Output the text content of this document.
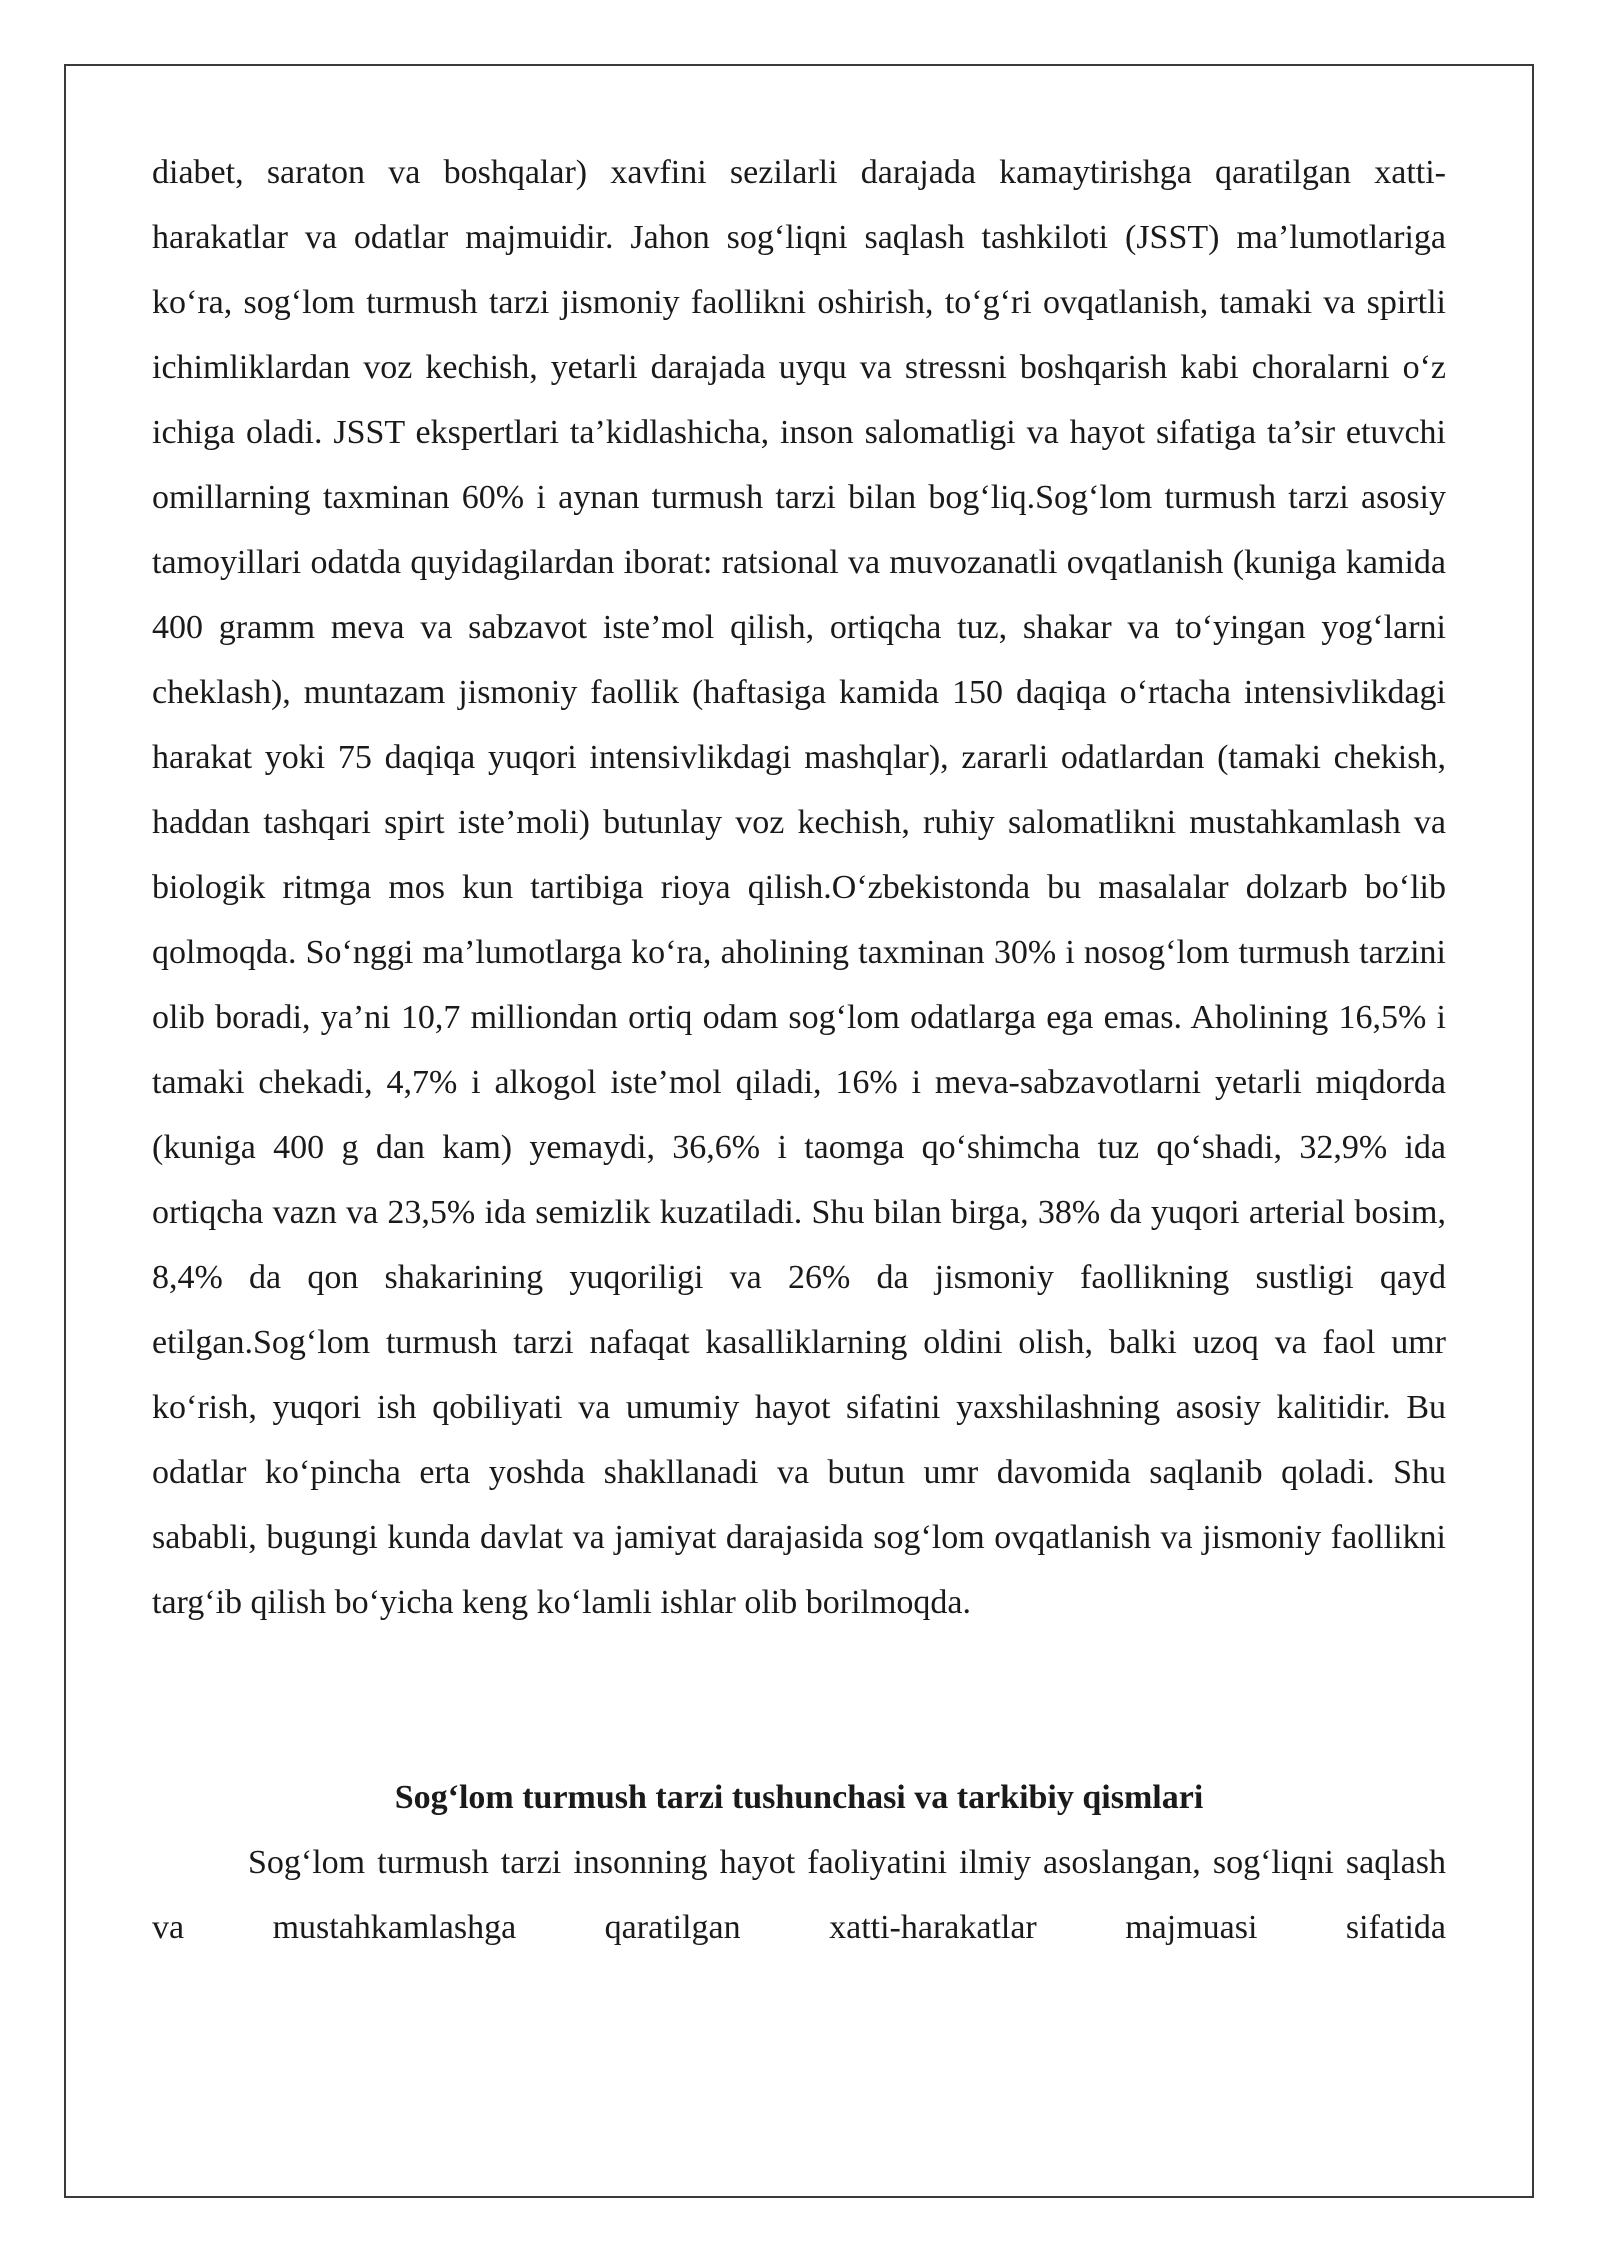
diabet, saraton va boshqalar) xavfini sezilarli darajada kamaytirishga qaratilgan xatti-harakatlar va odatlar majmuidir. Jahon sog‘liqni saqlash tashkiloti (JSST) ma’lumotlariga ko‘ra, sog‘lom turmush tarzi jismoniy faollikni oshirish, to‘g‘ri ovqatlanish, tamaki va spirtli ichimliklardan voz kechish, yetarli darajada uyqu va stressni boshqarish kabi choralarni o‘z ichiga oladi. JSST ekspertlari ta’kidlashicha, inson salomatligi va hayot sifatiga ta’sir etuvchi omillarning taxminan 60% i aynan turmush tarzi bilan bog‘liq.Sog‘lom turmush tarzi asosiy tamoyillari odatda quyidagilardan iborat: ratsional va muvozanatli ovqatlanish (kuniga kamida 400 gramm meva va sabzavot iste’mol qilish, ortiqcha tuz, shakar va to‘yingan yog‘larni cheklash), muntazam jismoniy faollik (haftasiga kamida 150 daqiqa o‘rtacha intensivlikdagi harakat yoki 75 daqiqa yuqori intensivlikdagi mashqlar), zararli odatlardan (tamaki chekish, haddan tashqari spirt iste’moli) butunlay voz kechish, ruhiy salomatlikni mustahkamlash va biologik ritmga mos kun tartibiga rioya qilish.O‘zbekistonda bu masalalar dolzarb bo‘lib qolmoqda. So‘nggi ma’lumotlarga ko‘ra, aholining taxminan 30% i nosog‘lom turmush tarzini olib boradi, ya’ni 10,7 milliondan ortiq odam sog‘lom odatlarga ega emas. Aholining 16,5% i tamaki chekadi, 4,7% i alkogol iste’mol qiladi, 16% i meva-sabzavotlarni yetarli miqdorda (kuniga 400 g dan kam) yemaydi, 36,6% i taomga qo‘shimcha tuz qo‘shadi, 32,9% ida ortiqcha vazn va 23,5% ida semizlik kuzatiladi. Shu bilan birga, 38% da yuqori arterial bosim, 8,4% da qon shakarining yuqoriligi va 26% da jismoniy faollikning sustligi qayd etilgan.Sog‘lom turmush tarzi nafaqat kasalliklarning oldini olish, balki uzoq va faol umr ko‘rish, yuqori ish qobiliyati va umumiy hayot sifatini yaxshilashning asosiy kalitidir. Bu odatlar ko‘pincha erta yoshda shakllanadi va butun umr davomida saqlanib qoladi. Shu sababli, bugungi kunda davlat va jamiyat darajasida sog‘lom ovqatlanish va jismoniy faollikni targ‘ib qilish bo‘yicha keng ko‘lamli ishlar olib borilmoqda.

Sog‘lom turmush tarzi tushunchasi va tarkibiy qismlari

Sog‘lom turmush tarzi insonning hayot faoliyatini ilmiy asoslangan, sog‘liqni saqlash va mustahkamlashga qaratilgan xatti-harakatlar majmuasi sifatida
